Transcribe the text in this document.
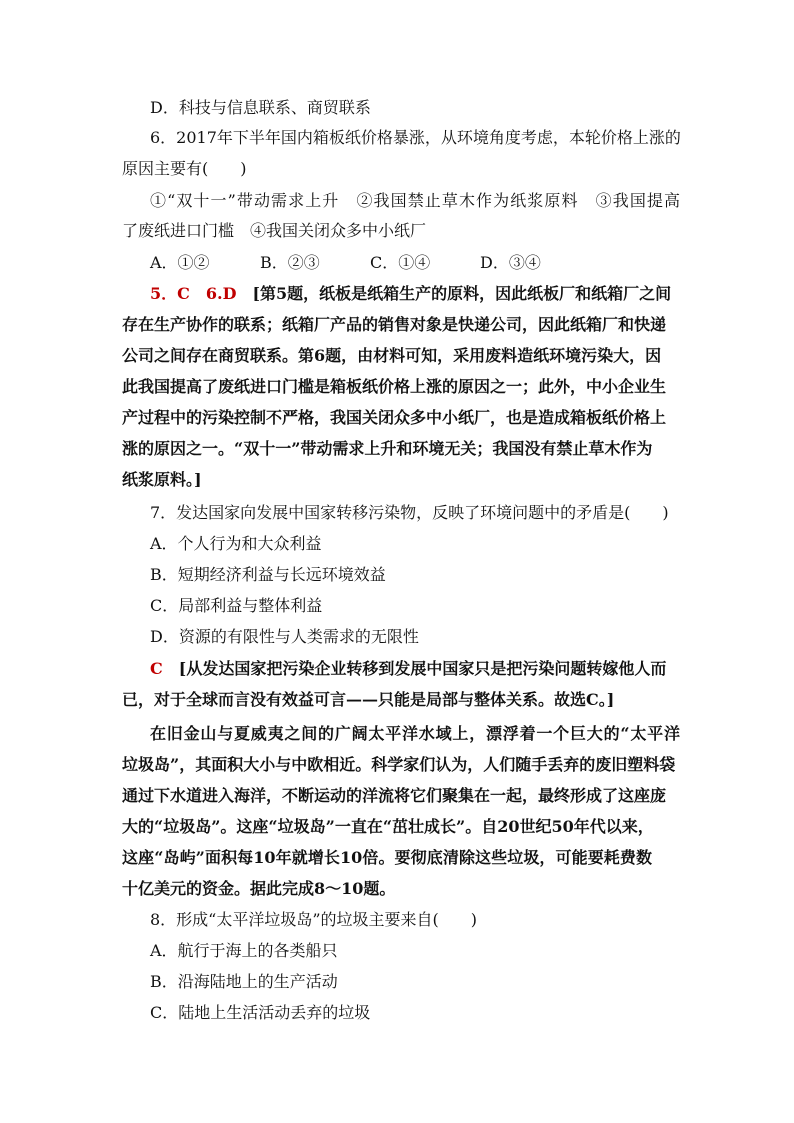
D．科技与信息联系、商贸联系
6．2017年下半年国内箱板纸价格暴涨，从环境角度考虑，本轮价格上涨的
原因主要有(　　)
①“双十一”带动需求上升　②我国禁止草木作为纸浆原料　③我国提高
了废纸进口门槛　④我国关闭众多中小纸厂
A．①②	B．②③	C．①④	D．③④
5．C　6.D　 [第5题，纸板是纸箱生产的原料，因此纸板厂和纸箱厂之间
存在生产协作的联系；纸箱厂产品的销售对象是快递公司，因此纸箱厂和快递
公司之间存在商贸联系。第6题，由材料可知，采用废料造纸环境污染大，因
此我国提高了废纸进口门槛是箱板纸价格上涨的原因之一；此外，中小企业生
产过程中的污染控制不严格，我国关闭众多中小纸厂，也是造成箱板纸价格上
涨的原因之一。“双十一”带动需求上升和环境无关；我国没有禁止草木作为
纸浆原料。]
7．发达国家向发展中国家转移污染物，反映了环境问题中的矛盾是(　　)
A．个人行为和大众利益
B．短期经济利益与长远环境效益
C．局部利益与整体利益
D．资源的有限性与人类需求的无限性
C　 [从发达国家把污染企业转移到发展中国家只是把污染问题转嫁他人而
已，对于全球而言没有效益可言——只能是局部与整体关系。故选C。]
在旧金山与夏威夷之间的广阔太平洋水域上，漂浮着一个巨大的“太平洋
垃圾岛”，其面积大小与中欧相近。科学家们认为，人们随手丢弃的废旧塑料袋
通过下水道进入海洋，不断运动的洋流将它们聚集在一起，最终形成了这座庞
大的“垃圾岛”。这座“垃圾岛”一直在“茁壮成长”。自20世纪50年代以来，
这座“岛屿”面积每10年就增长10倍。要彻底清除这些垃圾，可能要耗费数
十亿美元的资金。据此完成8～10题。
8．形成“太平洋垃圾岛”的垃圾主要来自(　　)
A．航行于海上的各类船只
B．沿海陆地上的生产活动
C．陆地上生活活动丢弃的垃圾
